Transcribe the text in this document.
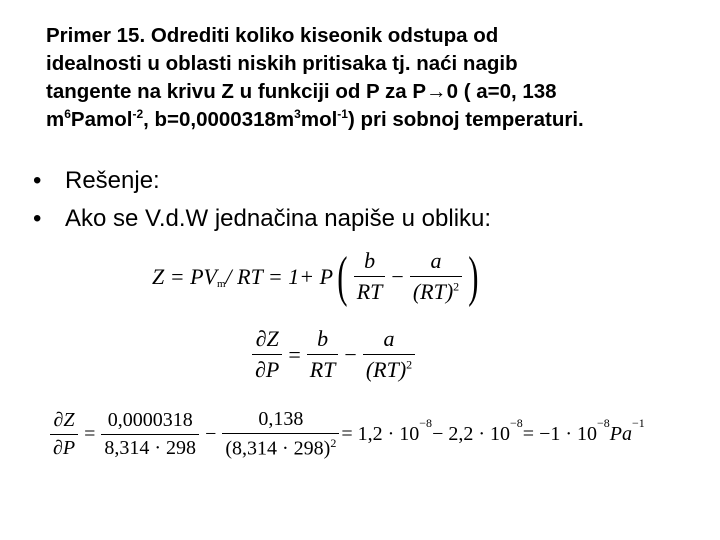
Primer 15. Odrediti koliko kiseonik odstupa od
idealnosti u oblasti niskih pritisaka tj. naći nagib
tangente na krivu Z u funkciji od P za P→0 ( a=0, 138
$m^6Pamol^{-2}$, $b=0,0000318m^3mol^{-1}$) pri sobnoj temperaturi.
• Rešenje:
• Ako se V.d.W jednačina napiše u obliku:
$Z = PV_m$ / RT = 1+ P ( $\frac{b}{RT} - \frac{a}{(RT)^2}$ )
$\frac{\partial Z}{\partial P} = \frac{b}{RT} - \frac{a}{(RT)^2}$
$\frac{\partial Z}{\partial P} = \frac{0,0000318}{8,314 \cdot 298} - \frac{0,138}{(8,314 \cdot 298)^2} = 1,2 \cdot 10^{-8} - 2,2 \cdot 10^{-8} = -1 \cdot 10^{-8}$ $Pa^{-1}$
